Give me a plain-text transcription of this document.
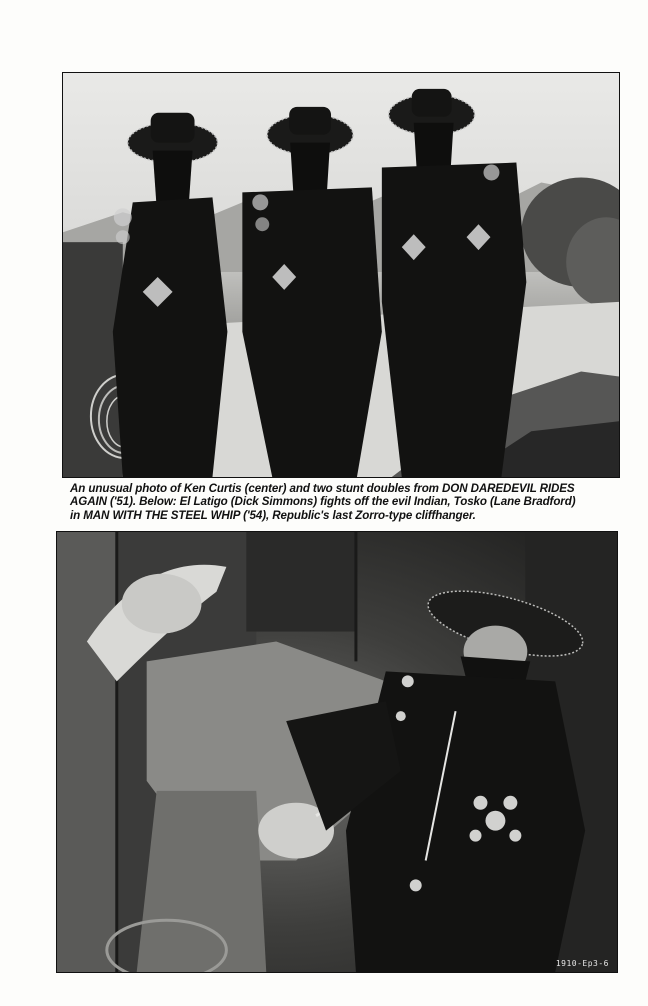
An unusual photo of Ken Curtis (center) and two stunt doubles from DON DAREDEVIL RIDES
AGAIN ('51). Below: El Latigo (Dick Simmons) fights off the evil Indian, Tosko (Lane Bradford)
in MAN WITH THE STEEL WHIP ('54), Republic's last Zorro-type cliffhanger.

1910-Ep3-6
